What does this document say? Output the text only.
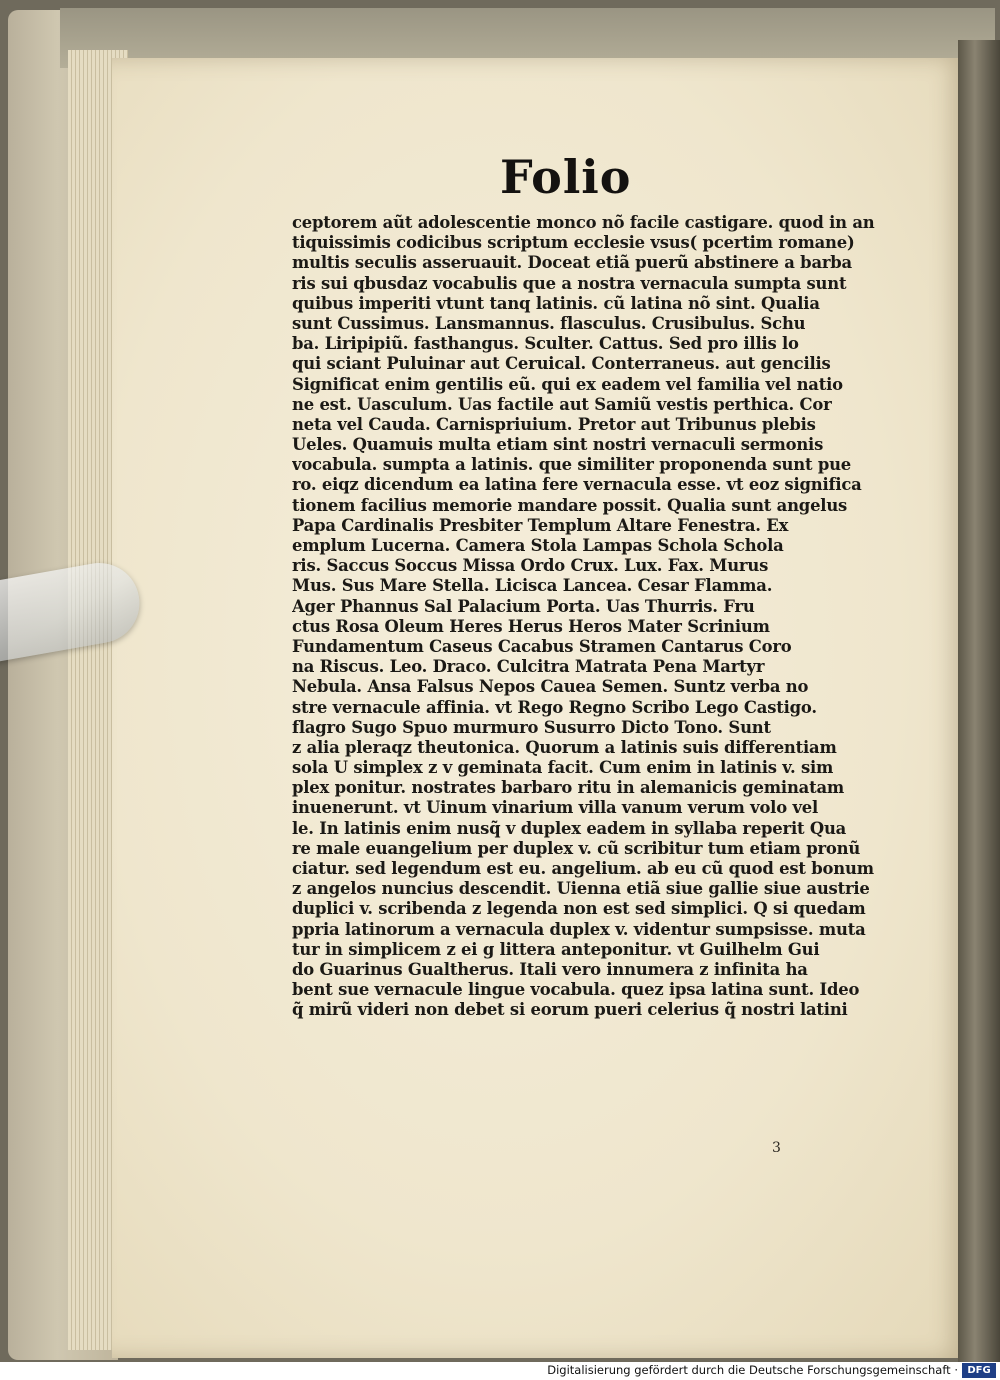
Folio
ceptorem aũt adolescentie monco nõ facile castigare. quod in an
tiquissimis codicibus scriptum ecclesie vsus( pcertim romane)
multis seculis asseruauit. Doceat etiã puerũ abstinere a barba
ris sui qbusdaz vocabulis que a nostra vernacula sumpta sunt
quibus imperiti vtunt tanq latinis. cũ latina nõ sint. Qualia
sunt Cussimus. Lansmannus. flasculus. Crusibulus. Schu
ba. Liripipiũ. fasthangus. Sculter. Cattus. Sed pro illis lo
qui sciant Puluinar aut Ceruical. Conterraneus. aut gencilis
Significat enim gentilis eũ. qui ex eadem vel familia vel natio
ne est. Uasculum. Uas factile aut Samiũ vestis perthica. Cor
neta vel Cauda. Carnispriuium. Pretor aut Tribunus plebis
Ueles. Quamuis multa etiam sint nostri vernaculi sermonis
vocabula. sumpta a latinis. que similiter proponenda sunt pue
ro. eiqz dicendum ea latina fere vernacula esse. vt eoz significa
tionem facilius memorie mandare possit. Qualia sunt angelus
Papa Cardinalis Presbiter Templum Altare Fenestra. Ex
emplum Lucerna. Camera Stola Lampas Schola Schola
ris. Saccus Soccus Missa Ordo Crux. Lux. Fax. Murus
Mus. Sus Mare Stella. Licisca Lancea. Cesar Flamma.
Ager Phannus Sal Palacium Porta. Uas Thurris. Fru
ctus Rosa Oleum Heres Herus Heros Mater Scrinium
Fundamentum Caseus Cacabus Stramen Cantarus Coro
na Riscus. Leo. Draco. Culcitra Matrata Pena Martyr
Nebula. Ansa Falsus Nepos Cauea Semen. Suntz verba no
stre vernacule affinia. vt Rego Regno Scribo Lego Castigo.
flagro Sugo Spuo murmuro Susurro Dicto Tono. Sunt
z alia pleraqz theutonica. Quorum a latinis suis differentiam
sola U simplex z v geminata facit. Cum enim in latinis v. sim
plex ponitur. nostrates barbaro ritu in alemanicis geminatam
inuenerunt. vt Uinum vinarium villa vanum verum volo vel
le. In latinis enim nusq̃ v duplex eadem in syllaba reperit Qua
re male euangelium per duplex v. cũ scribitur tum etiam pronũ
ciatur. sed legendum est eu. angelium. ab eu cũ quod est bonum
z angelos nuncius descendit. Uienna etiã siue gallie siue austrie
duplici v. scribenda z legenda non est sed simplici. Q si quedam
ppria latinorum a vernacula duplex v. videntur sumpsisse. muta
tur in simplicem z ei g littera anteponitur. vt Guilhelm Gui
do Guarinus Gualtherus. Itali vero innumera z infinita ha
bent sue vernacule lingue vocabula. quez ipsa latina sunt. Ideo
q̃ mirũ videri non debet si eorum pueri celerius q̃ nostri latini
3
Digitalisierung gefördert durch die Deutsche Forschungsgemeinschaft · DFG
